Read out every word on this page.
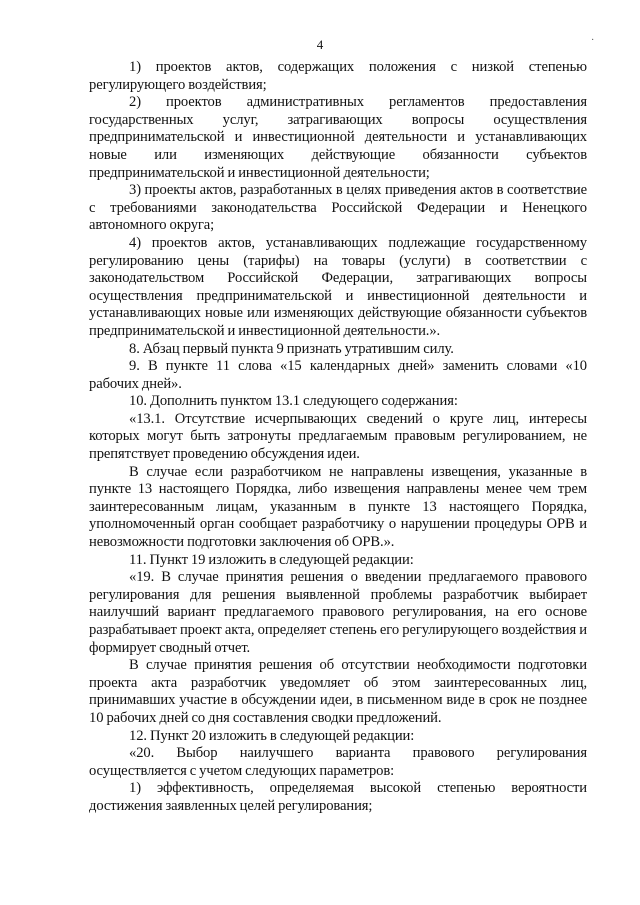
4	·

1) проектов актов, содержащих положения с низкой степенью регулирующего воздействия;

2) проектов административных регламентов предоставления государственных услуг, затрагивающих вопросы осуществления предпринимательской и инвестиционной деятельности и устанавливающих новые или изменяющих действующие обязанности субъектов предпринимательской и инвестиционной деятельности;

3) проекты актов, разработанных в целях приведения актов в соответствие с требованиями законодательства Российской Федерации и Ненецкого автономного округа;

4) проектов актов, устанавливающих подлежащие государственному регулированию цены (тарифы) на товары (услуги) в соответствии с законодательством Российской Федерации, затрагивающих вопросы осуществления предпринимательской и инвестиционной деятельности и устанавливающих новые или изменяющих действующие обязанности субъектов предпринимательской и инвестиционной деятельности.».

8. Абзац первый пункта 9 признать утратившим силу.

9. В пункте 11 слова «15 календарных дней» заменить словами «10 рабочих дней».

10. Дополнить пунктом 13.1 следующего содержания:

«13.1. Отсутствие исчерпывающих сведений о круге лиц, интересы которых могут быть затронуты предлагаемым правовым регулированием, не препятствует проведению обсуждения идеи.

В случае если разработчиком не направлены извещения, указанные в пункте 13 настоящего Порядка, либо извещения направлены менее чем трем заинтересованным лицам, указанным в пункте 13 настоящего Порядка, уполномоченный орган сообщает разработчику о нарушении процедуры ОРВ и невозможности подготовки заключения об ОРВ.».

11. Пункт 19 изложить в следующей редакции:

«19. В случае принятия решения о введении предлагаемого правового регулирования для решения выявленной проблемы разработчик выбирает наилучший вариант предлагаемого правового регулирования, на его основе разрабатывает проект акта, определяет степень его регулирующего воздействия и формирует сводный отчет.

В случае принятия решения об отсутствии необходимости подготовки проекта акта разработчик уведомляет об этом заинтересованных лиц, принимавших участие в обсуждении идеи, в письменном виде в срок не позднее 10 рабочих дней со дня составления сводки предложений.

12. Пункт 20 изложить в следующей редакции:

«20. Выбор наилучшего варианта правового регулирования осуществляется с учетом следующих параметров:

1) эффективность, определяемая высокой степенью вероятности достижения заявленных целей регулирования;
